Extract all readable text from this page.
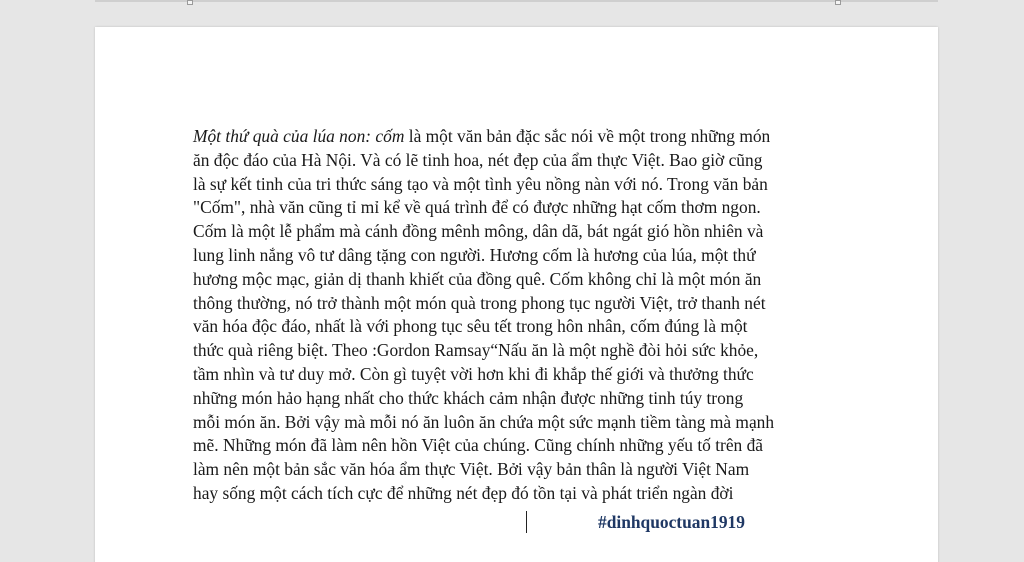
Một thứ quà của lúa non: cốm là một văn bản đặc sắc nói về một trong những món
ăn độc đáo của Hà Nội. Và có lẽ tinh hoa, nét đẹp của ẩm thực Việt. Bao giờ cũng
là sự kết tinh của tri thức sáng tạo và một tình yêu nồng nàn với nó. Trong văn bản
"Cốm", nhà văn cũng tỉ mỉ kể về quá trình để có được những hạt cốm thơm ngon.
Cốm là một lễ phẩm mà cánh đồng mênh mông, dân dã, bát ngát gió hồn nhiên và
lung linh nắng vô tư dâng tặng con người. Hương cốm là hương của lúa, một thứ
hương mộc mạc, giản dị thanh khiết của đồng quê. Cốm không chỉ là một món ăn
thông thường, nó trở thành một món quà trong phong tục người Việt, trở thanh nét
văn hóa độc đáo, nhất là với phong tục sêu tết trong hôn nhân, cốm đúng là một
thức quà riêng biệt. Theo :Gordon Ramsay“Nấu ăn là một nghề đòi hỏi sức khỏe,
tầm nhìn và tư duy mở. Còn gì tuyệt vời hơn khi đi khắp thế giới và thưởng thức
những món hảo hạng nhất cho thức khách cảm nhận được những tinh túy trong
mỗi món ăn. Bởi vậy mà mỗi nó ăn luôn ăn chứa một sức mạnh tiềm tàng mà mạnh
mẽ. Những món đã làm nên hồn Việt của chúng. Cũng chính những yếu tố trên đã
làm nên một bản sắc văn hóa ẩm thực Việt. Bởi vậy bản thân là người Việt Nam
hay sống một cách tích cực để những nét đẹp đó tồn tại và phát triển ngàn đời
#dinhquoctuan1919
